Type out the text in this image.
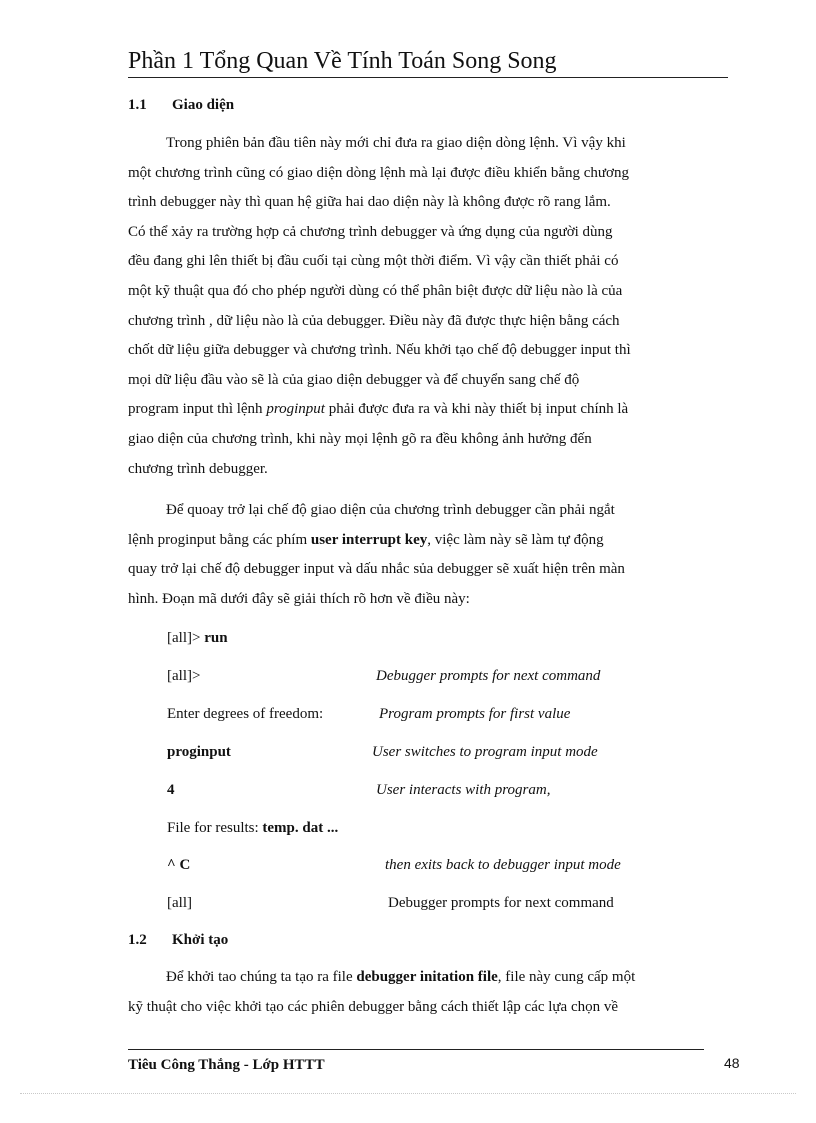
Phần 1 Tổng Quan Về Tính Toán Song Song
1.1 Giao diện
Trong phiên bản đầu tiên này mới chỉ đưa ra giao diện dòng lệnh. Vì vậy khi
một chương trình cũng có giao diện dòng lệnh mà lại được điều khiển bằng chương
trình debugger này thì quan hệ giữa hai dao diện này là không được rõ rang lắm.
Có thể xảy ra trường hợp cả chương trình debugger và ứng dụng của người dùng
đều đang ghi lên thiết bị đầu cuối tại cùng một thời điểm. Vì vậy cần thiết phải có
một kỹ thuật qua đó cho phép người dùng có thể phân biệt được dữ liệu nào là của
chương trình , dữ liệu nào là của debugger. Điều này đã được thực hiện bằng cách
chốt dữ liệu giữa debugger và chương trình. Nếu khởi tạo chế độ debugger input thì
mọi dữ liệu đầu vào sẽ là của giao diện debugger và để chuyển sang chế độ
program input thì lệnh proginput phải được đưa ra và khi này thiết bị input chính là
giao diện của chương trình, khi này mọi lệnh gõ ra đều không ảnh hưởng đến
chương trình debugger.
Để quoay trở lại chế độ giao diện của chương trình debugger cần phải ngắt
lệnh proginput bằng các phím user interrupt key, việc làm này sẽ làm tự động
quay trở lại chế độ debugger input và dấu nhắc sủa debugger sẽ xuất hiện trên màn
hình. Đoạn mã dưới đây sẽ giải thích rõ hơn về điều này:
[all]> run
[all]>	Debugger prompts for next command
Enter degrees of freedom:	Program prompts for first value
proginput	User switches to program input mode
4	User interacts with program,
File for results: temp. dat ...
^ C	then exits back to debugger input mode
[all]	Debugger prompts for next command
1.2 Khởi tạo
Để khởi tao chúng ta tạo ra file debugger initation file, file này cung cấp một
kỹ thuật cho việc khởi tạo các phiên debugger bằng cách thiết lập các lựa chọn về
Tiêu Công Thắng - Lớp HTTT	48
